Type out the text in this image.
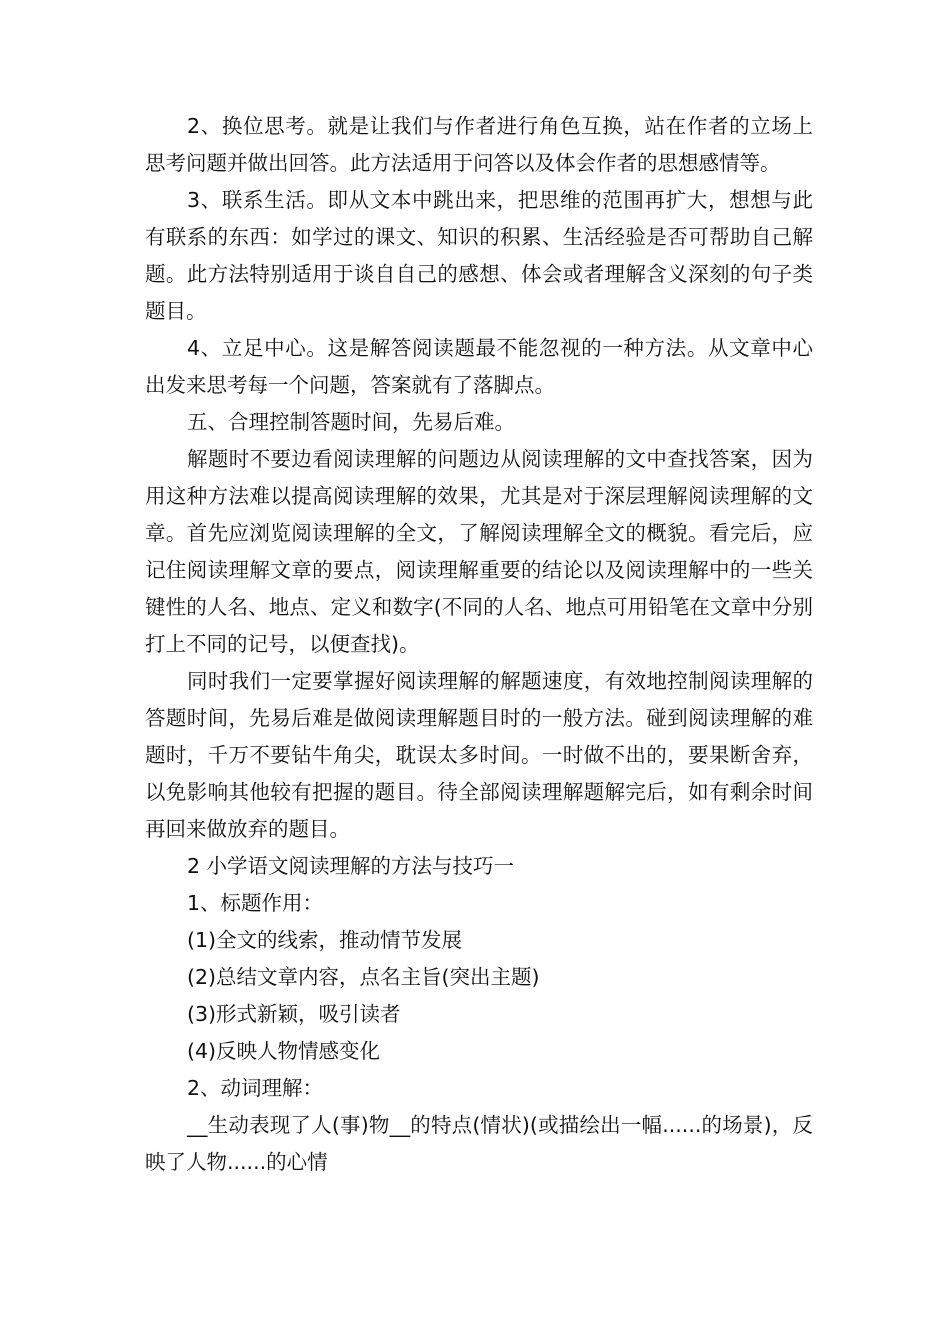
2、换位思考。就是让我们与作者进行角色互换，站在作者的立场上思考问题并做出回答。此方法适用于问答以及体会作者的思想感情等。

3、联系生活。即从文本中跳出来，把思维的范围再扩大，想想与此有联系的东西：如学过的课文、知识的积累、生活经验是否可帮助自己解题。此方法特别适用于谈自自己的感想、体会或者理解含义深刻的句子类题目。

4、立足中心。这是解答阅读题最不能忽视的一种方法。从文章中心出发来思考每一个问题，答案就有了落脚点。

五、合理控制答题时间，先易后难。

解题时不要边看阅读理解的问题边从阅读理解的文中查找答案，因为用这种方法难以提高阅读理解的效果，尤其是对于深层理解阅读理解的文章。首先应浏览阅读理解的全文，了解阅读理解全文的概貌。看完后，应记住阅读理解文章的要点，阅读理解重要的结论以及阅读理解中的一些关键性的人名、地点、定义和数字(不同的人名、地点可用铅笔在文章中分别打上不同的记号，以便查找)。

同时我们一定要掌握好阅读理解的解题速度，有效地控制阅读理解的答题时间，先易后难是做阅读理解题目时的一般方法。碰到阅读理解的难题时，千万不要钻牛角尖，耽误太多时间。一时做不出的，要果断舍弃，以免影响其他较有把握的题目。待全部阅读理解题解完后，如有剩余时间再回来做放弃的题目。

2 小学语文阅读理解的方法与技巧一

1、标题作用：

(1)全文的线索，推动情节发展

(2)总结文章内容，点名主旨(突出主题)

(3)形式新颖，吸引读者

(4)反映人物情感变化

2、动词理解：

__生动表现了人(事)物__的特点(情状)(或描绘出一幅......的场景)，反映了人物......的心情
